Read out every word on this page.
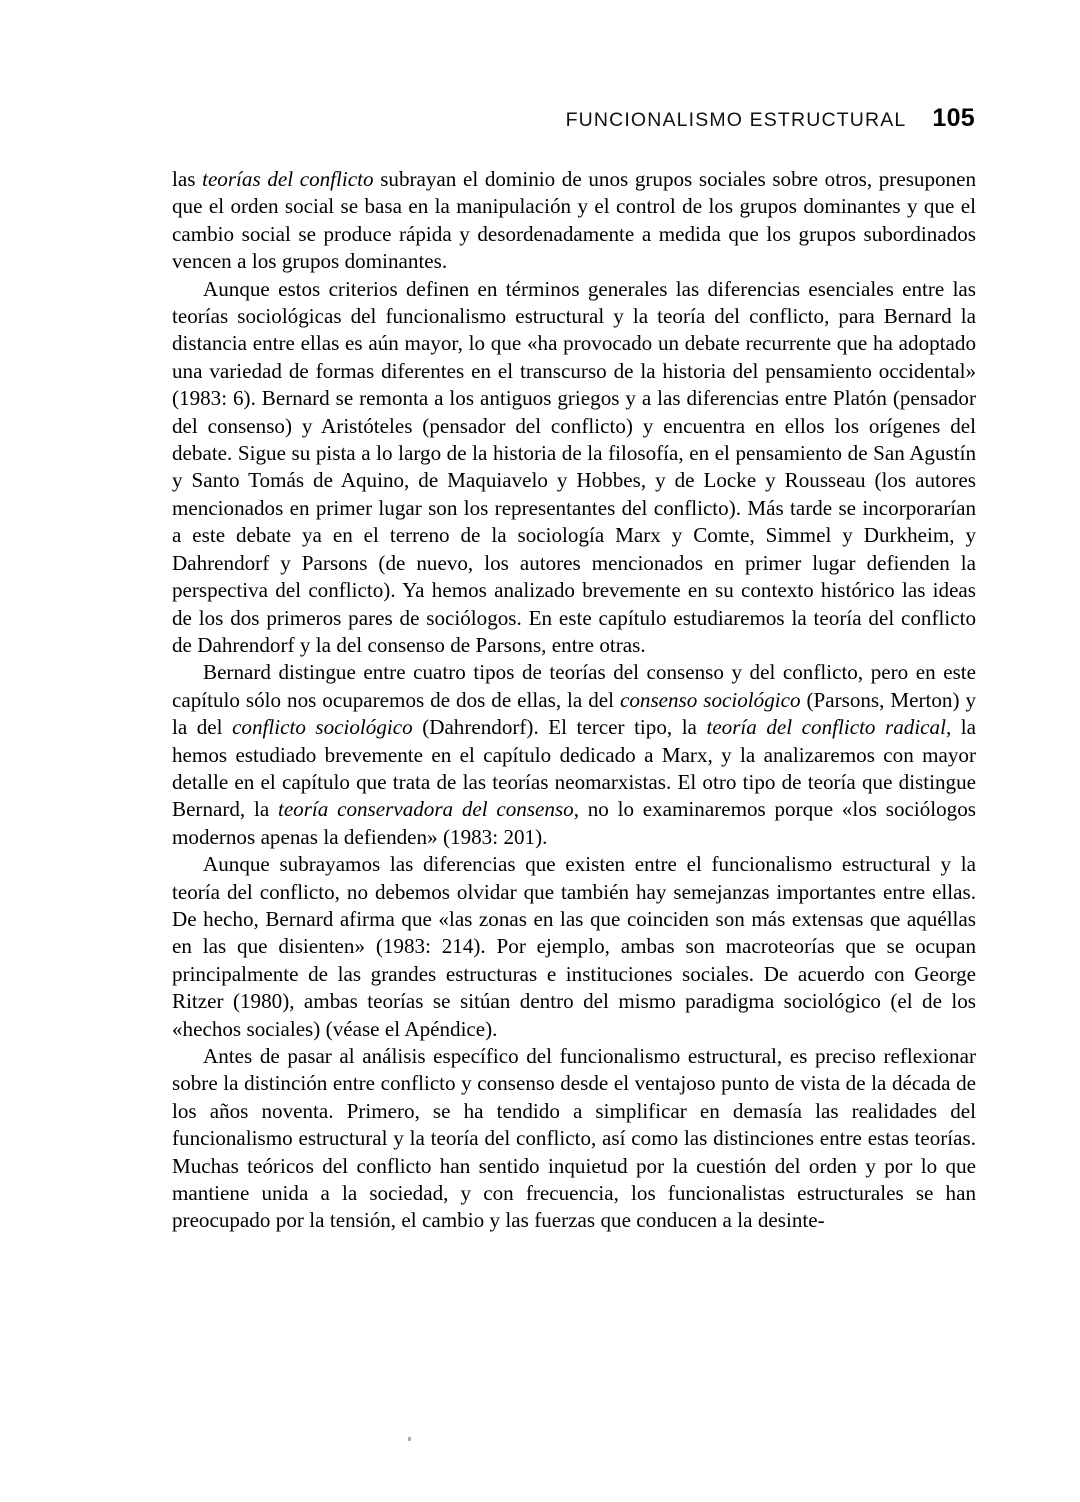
FUNCIONALISMO ESTRUCTURAL 105

las teorías del conflicto subrayan el dominio de unos grupos sociales sobre otros, presuponen que el orden social se basa en la manipulación y el control de los grupos dominantes y que el cambio social se produce rápida y desordenadamente a medida que los grupos subordinados vencen a los grupos dominantes.

Aunque estos criterios definen en términos generales las diferencias esenciales entre las teorías sociológicas del funcionalismo estructural y la teoría del conflicto, para Bernard la distancia entre ellas es aún mayor, lo que «ha provocado un debate recurrente que ha adoptado una variedad de formas diferentes en el transcurso de la historia del pensamiento occidental» (1983: 6). Bernard se remonta a los antiguos griegos y a las diferencias entre Platón (pensador del consenso) y Aristóteles (pensador del conflicto) y encuentra en ellos los orígenes del debate. Sigue su pista a lo largo de la historia de la filosofía, en el pensamiento de San Agustín y Santo Tomás de Aquino, de Maquiavelo y Hobbes, y de Locke y Rousseau (los autores mencionados en primer lugar son los representantes del conflicto). Más tarde se incorporarían a este debate ya en el terreno de la sociología Marx y Comte, Simmel y Durkheim, y Dahrendorf y Parsons (de nuevo, los autores mencionados en primer lugar defienden la perspectiva del conflicto). Ya hemos analizado brevemente en su contexto histórico las ideas de los dos primeros pares de sociólogos. En este capítulo estudiaremos la teoría del conflicto de Dahrendorf y la del consenso de Parsons, entre otras.

Bernard distingue entre cuatro tipos de teorías del consenso y del conflicto, pero en este capítulo sólo nos ocuparemos de dos de ellas, la del consenso sociológico (Parsons, Merton) y la del conflicto sociológico (Dahrendorf). El tercer tipo, la teoría del conflicto radical, la hemos estudiado brevemente en el capítulo dedicado a Marx, y la analizaremos con mayor detalle en el capítulo que trata de las teorías neomarxistas. El otro tipo de teoría que distingue Bernard, la teoría conservadora del consenso, no lo examinaremos porque «los sociólogos modernos apenas la defienden» (1983: 201).

Aunque subrayamos las diferencias que existen entre el funcionalismo estructural y la teoría del conflicto, no debemos olvidar que también hay semejanzas importantes entre ellas. De hecho, Bernard afirma que «las zonas en las que coinciden son más extensas que aquéllas en las que disienten» (1983: 214). Por ejemplo, ambas son macroteorías que se ocupan principalmente de las grandes estructuras e instituciones sociales. De acuerdo con George Ritzer (1980), ambas teorías se sitúan dentro del mismo paradigma sociológico (el de los «hechos sociales) (véase el Apéndice).

Antes de pasar al análisis específico del funcionalismo estructural, es preciso reflexionar sobre la distinción entre conflicto y consenso desde el ventajoso punto de vista de la década de los años noventa. Primero, se ha tendido a simplificar en demasía las realidades del funcionalismo estructural y la teoría del conflicto, así como las distinciones entre estas teorías. Muchas teóricos del conflicto han sentido inquietud por la cuestión del orden y por lo que mantiene unida a la sociedad, y con frecuencia, los funcionalistas estructurales se han preocupado por la tensión, el cambio y las fuerzas que conducen a la desinte-
